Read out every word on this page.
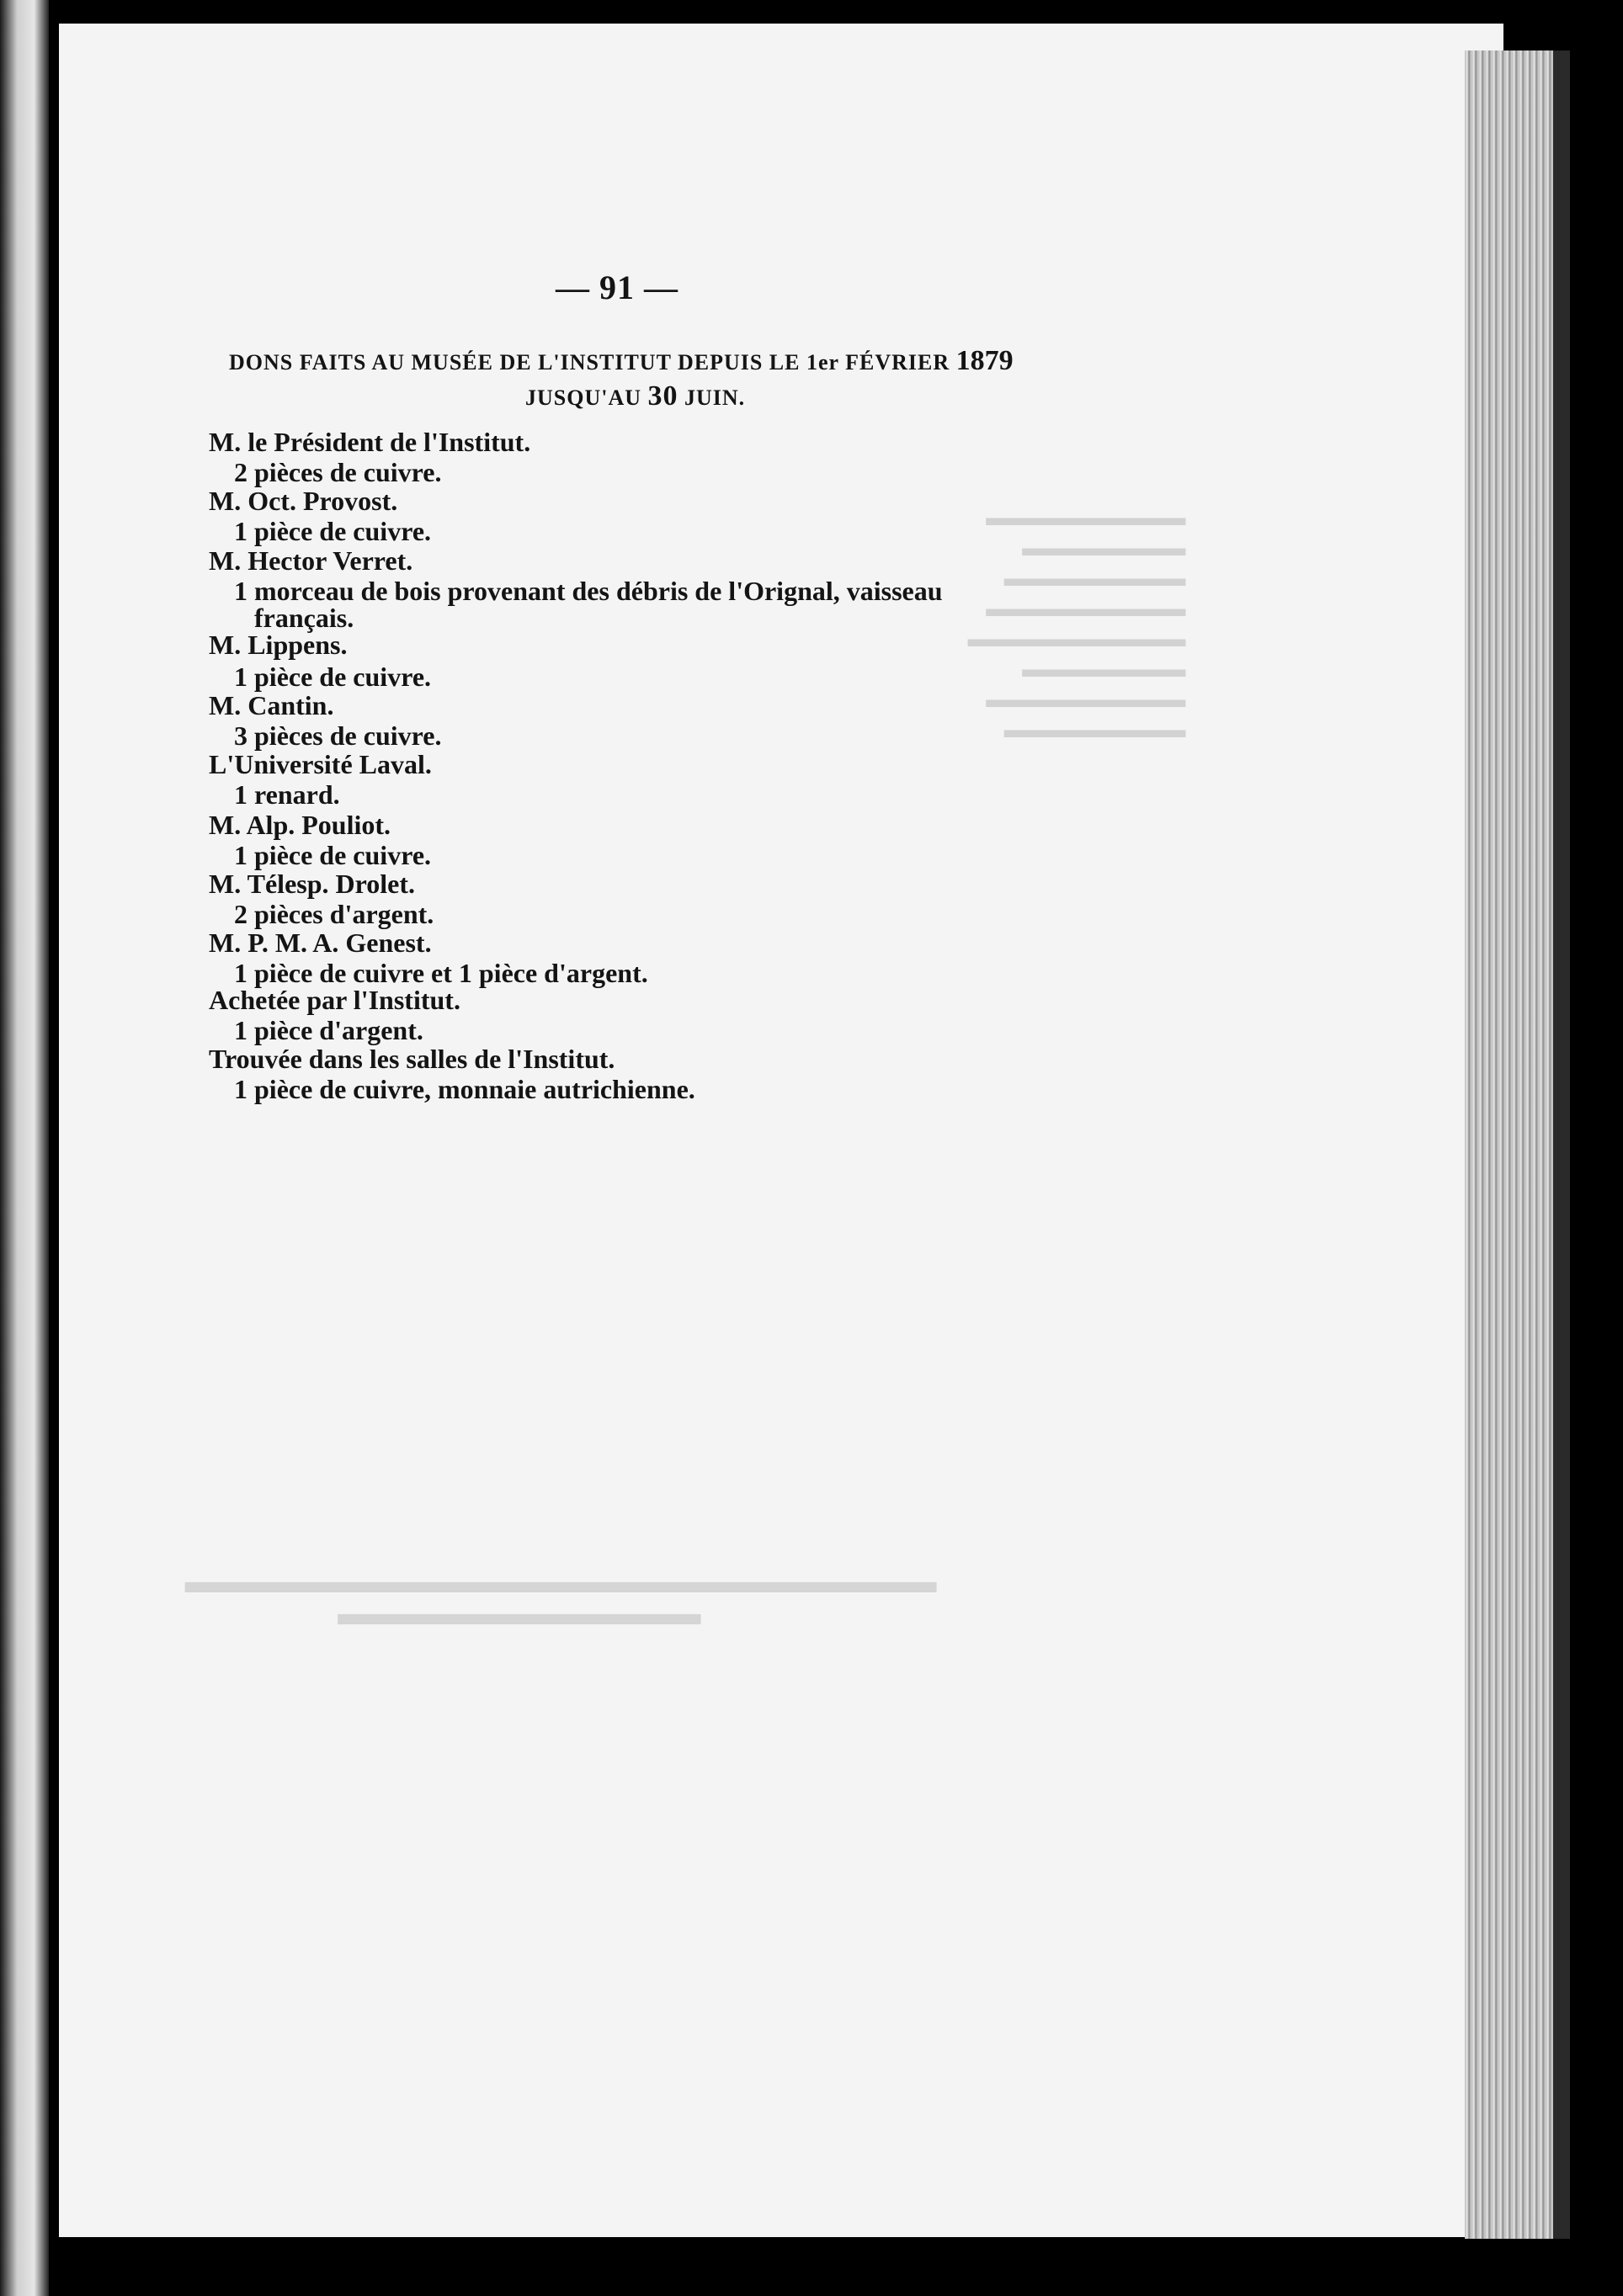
▂▂▂▂▂▂▂▂▂▂▂
▂▂▂▂▂▂▂▂▂
▂▂▂▂▂▂▂▂▂▂
▂▂▂▂▂▂▂▂▂▂▂
▂▂▂▂▂▂▂▂▂▂▂▂
▂▂▂▂▂▂▂▂▂
▂▂▂▂▂▂▂▂▂▂▂
▂▂▂▂▂▂▂▂▂▂
— 91 —
DONS FAITS AU MUSÉE DE L'INSTITUT DEPUIS LE 1er FÉVRIER 1879
JUSQU'AU 30 JUIN.
M. le Président de l'Institut.
2 pièces de cuivre.
M. Oct. Provost.
1 pièce de cuivre.
M. Hector Verret.
1 morceau de bois provenant des débris de l'Orignal, vaisseau
français.
M. Lippens.
1 pièce de cuivre.
M. Cantin.
3 pièces de cuivre.
L'Université Laval.
1 renard.
M. Alp. Pouliot.
1 pièce de cuivre.
M. Télesp. Drolet.
2 pièces d'argent.
M. P. M. A. Genest.
1 pièce de cuivre et 1 pièce d'argent.
Achetée par l'Institut.
1 pièce d'argent.
Trouvée dans les salles de l'Institut.
1 pièce de cuivre, monnaie autrichienne.
▂▂▂▂▂▂▂▂▂▂▂▂▂▂▂▂▂▂▂▂▂▂▂▂▂▂▂▂▂
▂▂▂▂▂▂▂▂▂▂▂▂▂▂
